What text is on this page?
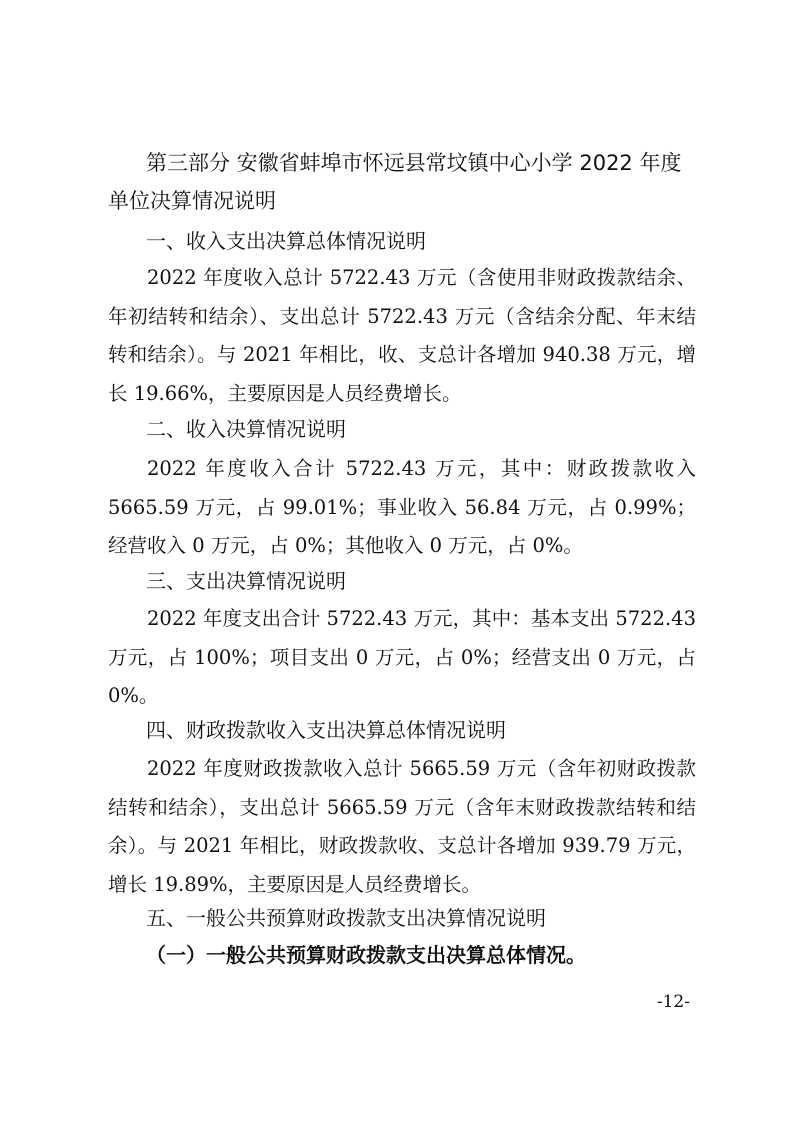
第三部分 安徽省蚌埠市怀远县常坟镇中心小学 2022 年度单位决算情况说明
一、收入支出决算总体情况说明

2022 年度收入总计 5722.43 万元（含使用非财政拨款结余、年初结转和结余）、支出总计 5722.43 万元（含结余分配、年末结转和结余）。与 2021 年相比，收、支总计各增加 940.38 万元，增长 19.66%，主要原因是人员经费增长。

二、收入决算情况说明

2022 年度收入合计 5722.43 万元，其中：财政拨款收入 5665.59 万元，占 99.01%；事业收入 56.84 万元，占 0.99%；经营收入 0 万元，占 0%；其他收入 0 万元，占 0%。

三、支出决算情况说明

2022 年度支出合计 5722.43 万元，其中：基本支出 5722.43 万元，占 100%；项目支出 0 万元，占 0%；经营支出 0 万元，占 0%。

四、财政拨款收入支出决算总体情况说明

2022 年度财政拨款收入总计 5665.59 万元（含年初财政拨款结转和结余），支出总计 5665.59 万元（含年末财政拨款结转和结余）。与 2021 年相比，财政拨款收、支总计各增加 939.79 万元，增长 19.89%，主要原因是人员经费增长。

五、一般公共预算财政拨款支出决算情况说明
（一）一般公共预算财政拨款支出决算总体情况。
-12-
